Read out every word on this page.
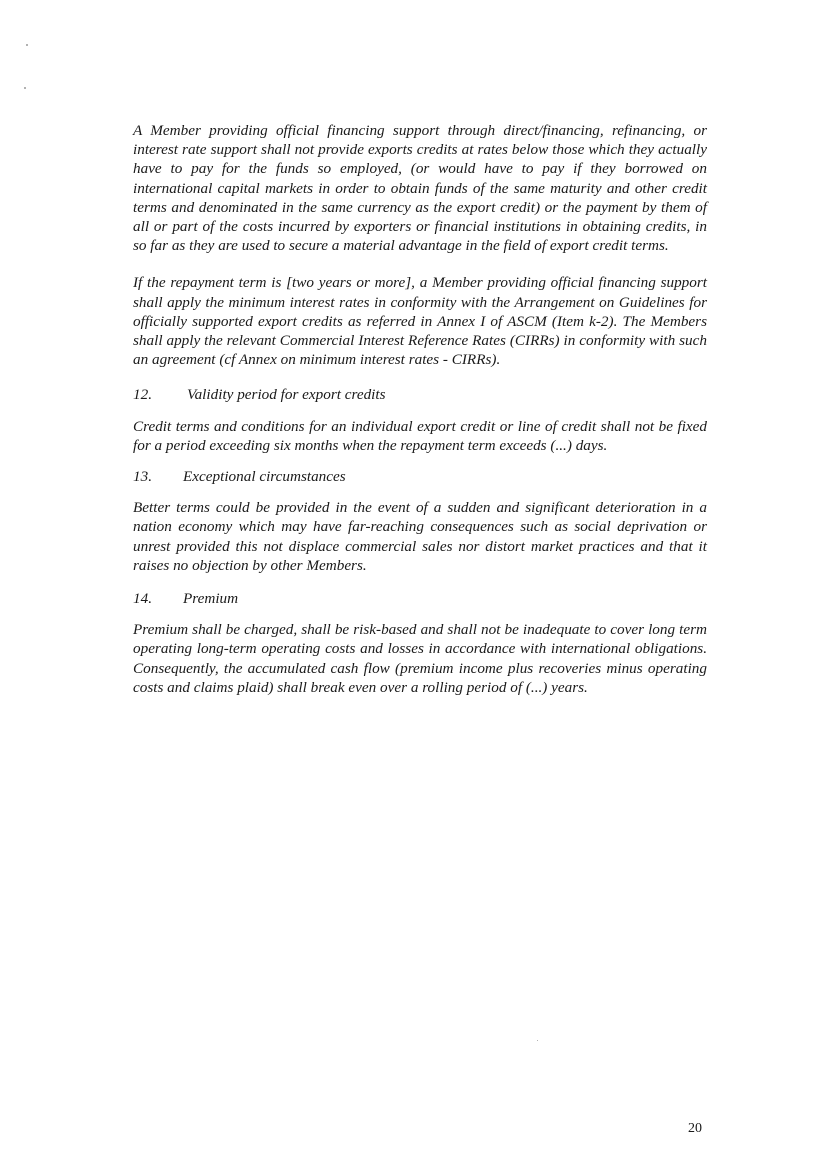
A Member providing official financing support through direct/financing, refinancing, or interest rate support shall not provide exports credits at rates below those which they actually have to pay for the funds so employed, (or would have to pay if they borrowed on international capital markets in order to obtain funds of the same maturity and other credit terms and denominated in the same currency as the export credit) or the payment by them of all or part of the costs incurred by exporters or financial institutions in obtaining credits, in so far as they are used to secure a material advantage in the field of export credit terms.

If the repayment term is [two years or more], a Member providing official financing support shall apply the minimum interest rates in conformity with the Arrangement on Guidelines for officially supported export credits as referred in Annex I of ASCM (Item k-2). The Members shall apply the relevant Commercial Interest Reference Rates (CIRRs) in conformity with such an agreement (cf Annex on minimum interest rates - CIRRs).

12.	Validity period for export credits

Credit terms and conditions for an individual export credit or line of credit shall not be fixed for a period exceeding six months when the repayment term exceeds (...) days.

13.	Exceptional circumstances

Better terms could be provided in the event of a sudden and significant deterioration in a nation economy which may have far-reaching consequences such as social deprivation or unrest provided this not displace commercial sales nor distort market practices and that it raises no objection by other Members.

14.	Premium

Premium shall be charged, shall be risk-based and shall not be inadequate to cover long term operating long-term operating costs and losses in accordance with international obligations. Consequently, the accumulated cash flow (premium income plus recoveries minus operating costs and claims plaid) shall break even over a rolling period of (...) years.

20
